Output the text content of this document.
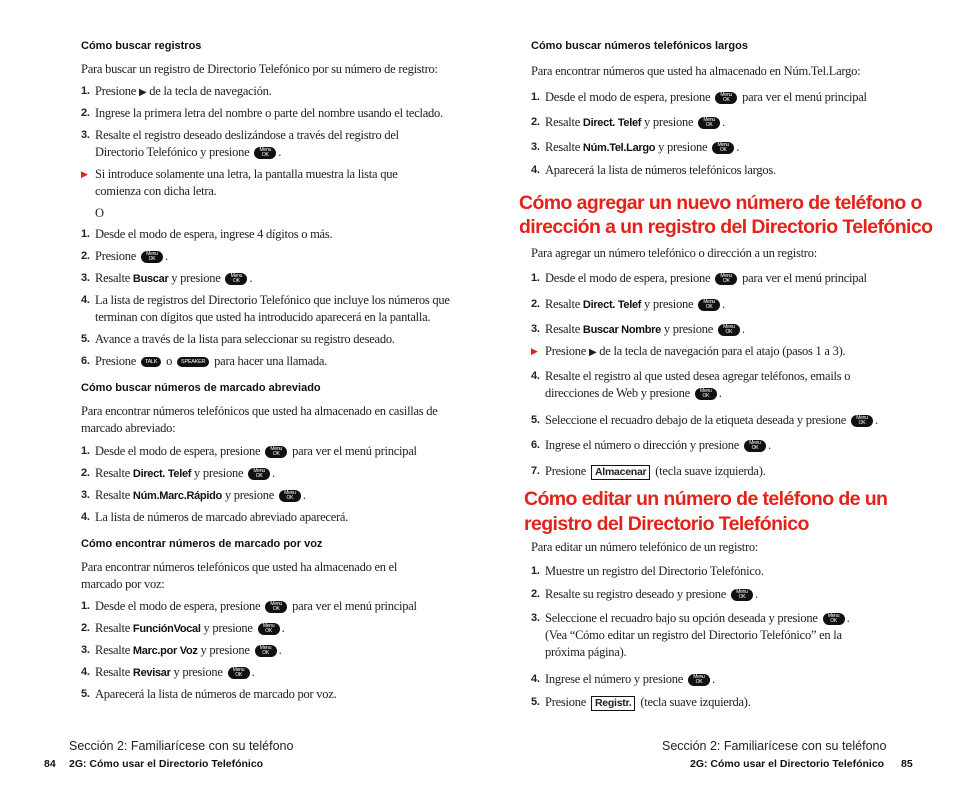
Cómo buscar registros
Para buscar un registro de Directorio Telefónico por su número de registro:
1. Presione ▶ de la tecla de navegación.
2. Ingrese la primera letra del nombre o parte del nombre usando el teclado.
3. Resalte el registro deseado deslizándose a través del registro del Directorio Telefónico y presione	Menu
OK .
▶ Si introduce solamente una letra, la pantalla muestra la lista que comienza con dicha letra.
O
1. Desde el modo de espera, ingrese 4 dígitos o más.
2. Presione	Menu
OK .
3. Resalte Buscar y presione	Menu
OK .
4. La lista de registros del Directorio Telefónico que incluye los números que terminan con dígitos que usted ha introducido aparecerá en la pantalla.
5. Avance a través de la lista para seleccionar su registro deseado.
6. Presione TALK o SPEAKER para hacer una llamada.
Cómo buscar números de marcado abreviado
Para encontrar números telefónicos que usted ha almacenado en casillas de marcado abreviado:
1. Desde el modo de espera, presione	Menu
OK para ver el menú principal
2. Resalte Direct. Telef y presione	Menu
OK .
3. Resalte Núm.Marc.Rápido y presione	Menu
OK .
4. La lista de números de marcado abreviado aparecerá.
Cómo encontrar números de marcado por voz
Para encontrar números telefónicos que usted ha almacenado en el marcado por voz:
1. Desde el modo de espera, presione	Menu
OK para ver el menú principal
2. Resalte FunciónVocal y presione	Menu
OK .
3. Resalte Marc.por Voz y presione	Menu
OK .
4. Resalte Revisar y presione	Menu
OK .
5. Aparecerá la lista de números de marcado por voz.
Sección 2: Familiarícese con su teléfono
84 2G: Cómo usar el Directorio Telefónico
Cómo buscar números telefónicos largos
Para encontrar números que usted ha almacenado en Núm.Tel.Largo:
1. Desde el modo de espera, presione	Menu
OK para ver el menú principal
2. Resalte Direct. Telef y presione	Menu
OK .
3. Resalte Núm.Tel.Largo y presione	Menu
OK .
4. Aparecerá la lista de números telefónicos largos.
Cómo agregar un nuevo número de teléfono o
dirección a un registro del Directorio Telefónico
Para agregar un número telefónico o dirección a un registro:
1. Desde el modo de espera, presione	Menu
OK para ver el menú principal
2. Resalte Direct. Telef y presione	Menu
OK .
3. Resalte Buscar Nombre y presione	Menu
OK .
▶ Presione ▶ de la tecla de navegación para el atajo (pasos 1 a 3).
4. Resalte el registro al que usted desea agregar teléfonos, emails o direcciones de Web y presione	Menu
OK .
5. Seleccione el recuadro debajo de la etiqueta deseada y presione	Menu
OK .
6. Ingrese el número o dirección y presione	Menu
OK .
7. Presione Almacenar (tecla suave izquierda).
Cómo editar un número de teléfono de un
registro del Directorio Telefónico
Para editar un número telefónico de un registro:
1. Muestre un registro del Directorio Telefónico.
2. Resalte su registro deseado y presione	Menu
OK .
3. Seleccione el recuadro bajo su opción deseada y presione	Menu
OK .
(Vea “Cómo editar un registro del Directorio Telefónico” en la próxima página).
4. Ingrese el número y presione	Menu
OK .
5. Presione Registr. (tecla suave izquierda).
Sección 2: Familiarícese con su teléfono
2G: Cómo usar el Directorio Telefónico 85
